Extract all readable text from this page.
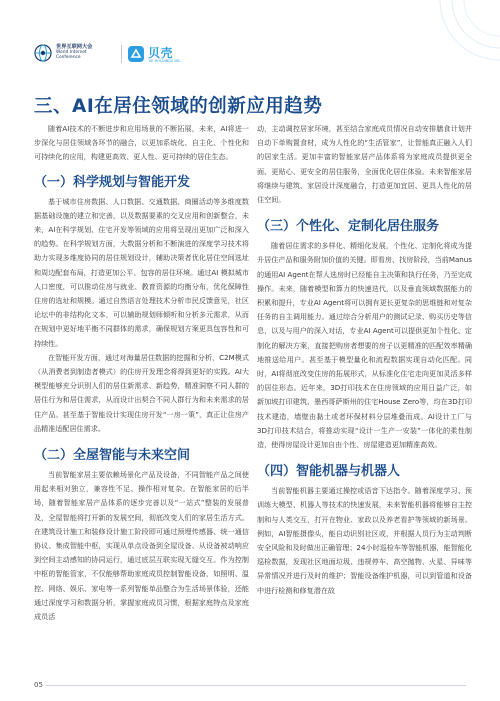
世界互联网大会
World Internet
Conference	贝壳
KE HOLDINGS INC.
三、AI在居住领域的创新应用趋势

随着AI技术的不断进步和应用场景的不断拓展，未来，AI将进一步深化与居住领域各环节的融合，以更加系统化、自主化、个性化和可持续化的应用，构建更高效、更人性、更可持续的居住生态。

（一）科学规划与智能开发

基于城市住房数据、人口数据、交通数据、商圈活动等多维度数据基础设施的建立和完善，以及数据要素的交叉应用和创新整合，未来，AI在科学规划、住宅开发等领域的应用将呈现出更加广泛和深入的趋势。在科学规划方面，大数据分析和不断演进的深度学习技术将助力实现多维度协同的居住规划设计，辅助决策者优化居住空间选址和周边配套布局，打造更加公平、包容的居住环境。通过AI 模拟城市人口密度，可以推动住房与就业、教育资源的均衡分布，优化保障性住房的选址和规模。通过自然语言处理技术分析市民反馈意见，社区论坛中的非结构化文本，可以辅助规划师倾听和分析多元需求，从而在规划中更好地平衡不同群体的需求，确保规划方案更具包容性和可持续性。

在智能开发方面，通过对海量居住数据的挖掘和分析，C2M模式（从消费者到制造者模式）的住房开发理念将得到更好的实践。AI大模型能够充分识别人们的居住新需求、新趋势，精准洞察不同人群的居住行为和居住需求，从而设计出契合不同人群行为和未来需求的居住产品。甚至基于智能设计实现住房开发“一房一策”，真正让住房产品精准适配居住需求。

（二）全屋智能与未来空间

当前智能家居主要依赖场景化产品及设备，不同智能产品之间使用起来相对独立，兼容性不足、操作相对复杂。在智能家居的后半场，随着智能家居产品体系的逐步完善以及“一站式”整装的发展普及，全屋智能将打开新的发展空间，彻底改变人们的家居生活方式。在建筑设计施工和装修设计施工阶段即可通过预埋传感器、统一通信协议、集成智能中枢，实现从单点设备到全屋设备、从设备被动响应到空间主动感知的协同运行，通过底层互联实现无缝交互。作为控制中枢的智能管家，不仅能够帮助家庭成员控制智能设备，如照明、温控、网络、娱乐、家电等一系列智能单品整合为生活场景体验，还能通过深度学习和数据分析，掌握家庭成员习惯，根据家庭特点及家庭成员活

动，主动调控居家环境，甚至结合家庭成员情况自动安排膳食计划并自动下单购置食材，成为人性化的“生活管家”，让智能真正融入人们的居家生活。更加丰富的智能家居产品体系将为家庭成员提供更全面、更贴心、更安全的居住服务，全面优化居住体验。未来智能家居将继续与建筑、家居设计深度融合，打造更加宜居、更具人性化的居住空间。

（三）个性化、定制化居住服务

随着居住需求的多样化、精细化发展，个性化、定制化将成为提升居住产品和服务附加价值的关键。即看房、找房阶段，当前Manus的通用AI Agent在帮人选房时已经能自主决策和执行任务，乃至完成操作。未来，随着模型和算力的快速迭代，以及垂直领域数据能力的积累和提升，专业AI Agent将可以拥有更长更复杂的思维链和对复杂任务的自主调用能力。通过综合分析用户的测试记录、购买历史等信息，以及与用户的深入对话，专业AI Agent可以提供更加个性化、定制化的解决方案，直接把购房者想要的房子以更精准的匹配效率精确地推送给用户。甚至基于模型量化和流程数据实现自动化匹配。同时，AI将彻底改变住房的拓展形式，从标准化住宅走向更加灵活多样的居住形态。近年来，3D打印技术在住房领域的应用日益广泛，如新加坡打印建筑、墨西哥萨斯州的住宅House Zero等，均在3D打印技术建造，墙壁由黏土或者环保材料分层堆叠而成。AI设计工厂与3D打印技术结合，将推动实现“设计一生产一安装”一体化的柔性制造，使得房屋设计更加自由个性、房屋建造更加精准高效。

（四）智能机器与机器人

当前智能机器主要通过操控或语音下达指令。随着深度学习、预训练大模型、机器人等技术的快速发展，未来智能机器将能够自主控制和与人类交互，打开在物业、家政以及养老看护等领域的新场景。例如，AI智能摄像头，能自动识别社区或，并根据人员行为主动判断安全风险和及时做出正确管理；24小时巡检车等智能机器，能智能化巡检数据，发现社区地面垃圾、违规停车、高空抛物、火星、异味等异常情况并进行及时的维护；智能设备维护机器，可以到管道和设备中进行检测和修复潜在故

05
